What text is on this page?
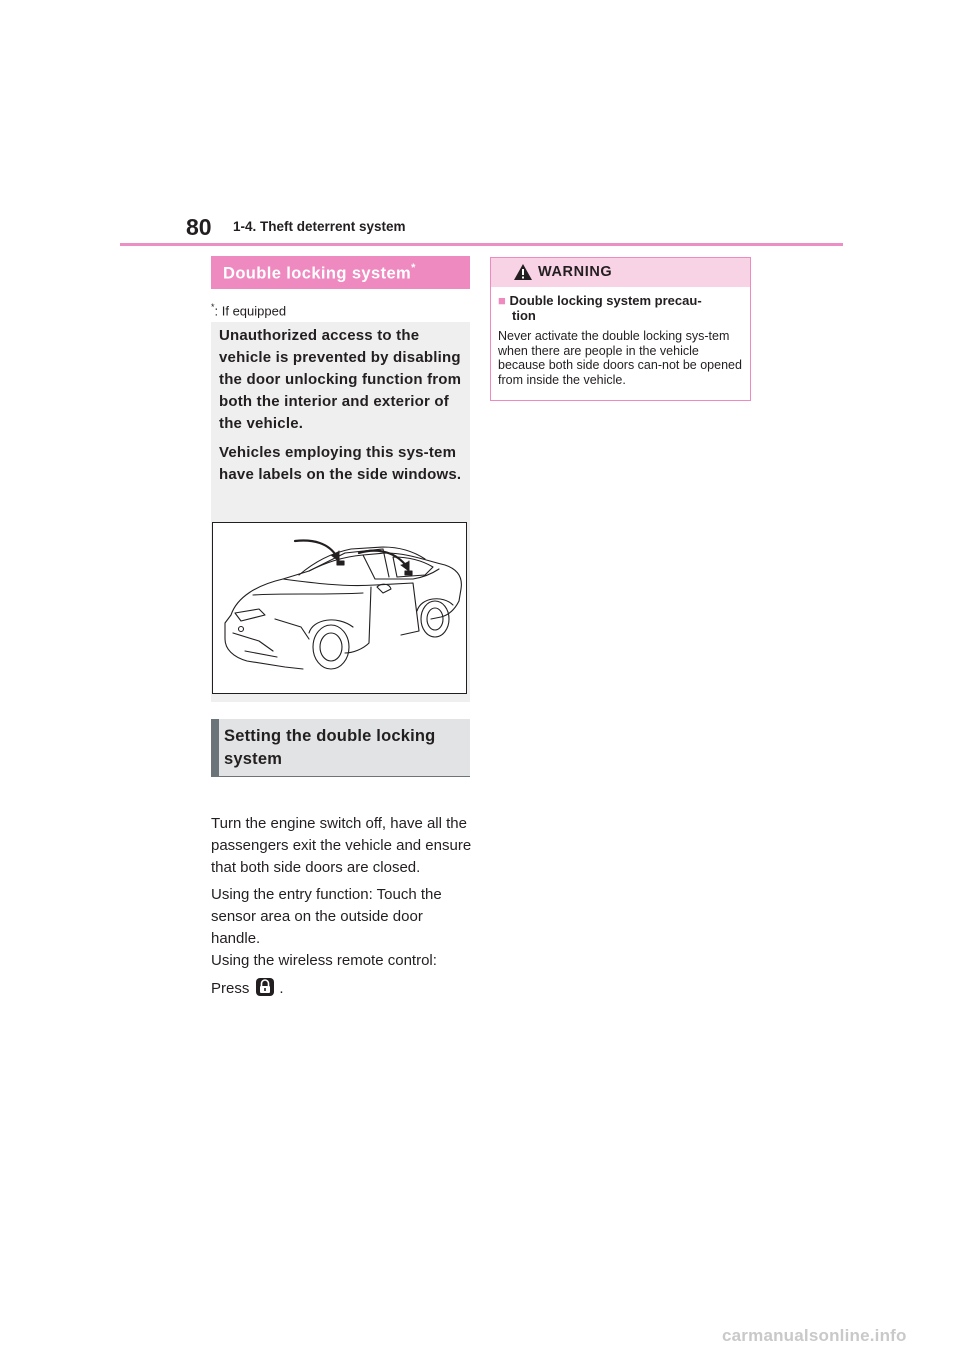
80 1-4. Theft deterrent system
Double locking system*
*: If equipped

Unauthorized access to the vehicle is prevented by disabling the door unlocking function from both the interior and exterior of the vehicle.

Vehicles employing this sys-tem have labels on the side windows.

Setting the double locking
system

Turn the engine switch off, have all the passengers exit the vehicle and ensure that both side doors are closed.

Using the entry function: Touch the sensor area on the outside door handle.

Using the wireless remote control:

Press .

WARNING
■ Double locking system precau-
tion
Never activate the double locking sys-tem when there are people in the vehicle because both side doors can-not be opened from inside the vehicle.
carmanualsonline.info
